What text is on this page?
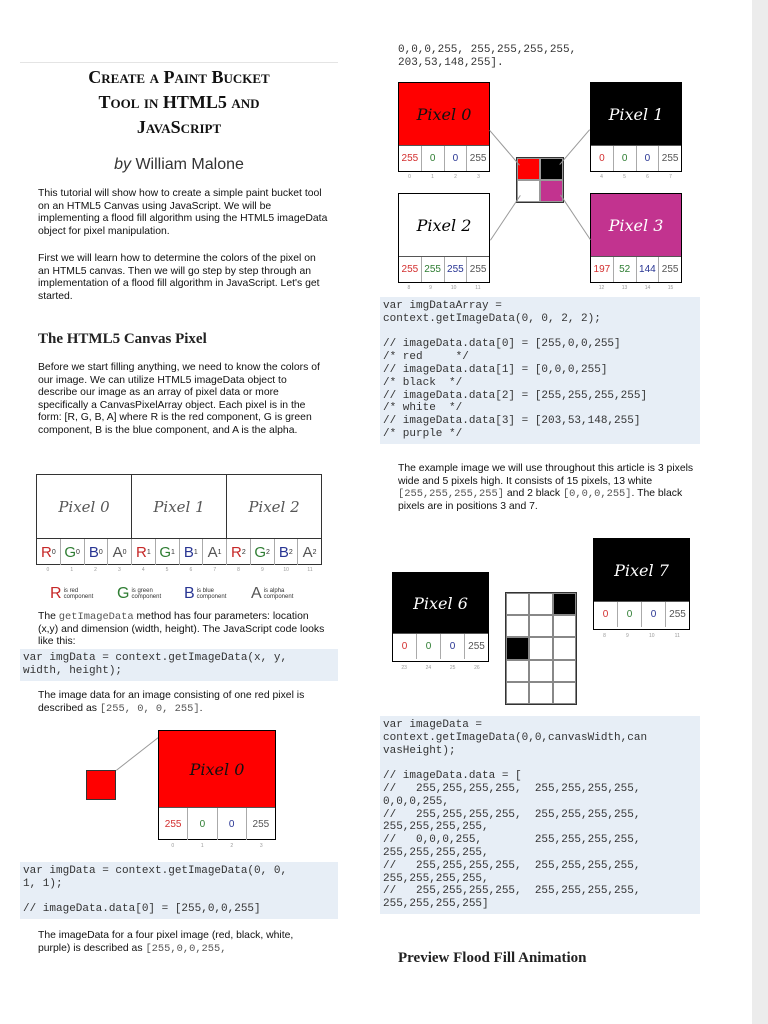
Create a Paint Bucket
Tool in HTML5 and
JavaScript
by William Malone
This tutorial will show how to create a simple paint bucket tool on an HTML5 Canvas using JavaScript. We will be implementing a flood fill algorithm using the HTML5 imageData object for pixel manipulation.
First we will learn how to determine the colors of the pixel on an HTML5 canvas. Then we will go step by step through an implementation of a flood fill algorithm in JavaScript. Let's get started.
The HTML5 Canvas Pixel
Before we start filling anything, we need to know the colors of our image. We can utilize HTML5 imageData object to describe our image as an array of pixel data or more specifically a CanvasPixelArray object. Each pixel is in the form: [R, G, B, A] where R is the red component, G is green component, B is the blue component, and A is the alpha.
Pixel 0	Pixel 1	Pixel 2
R 0 G 0 B 0 A 0 R 1 G 1 B 1 A 1 R 2 G 2 B 2 A 2
0	1	2	3	4	5	6	7	8	9	10	11
R is red component	G is green component	B is blue component	A is alpha component
The getImageData method has four parameters: location (x,y) and dimension (width, height). The JavaScript code looks like this:
var imgData = context.getImageData(x, y,
width, height);
The image data for an image consisting of one red pixel is described as [255, 0, 0, 255].
Pixel 0
255	0	0	255
0	1	2	3
var imgData = context.getImageData(0, 0,
1, 1);

// imageData.data[0] = [255,0,0,255]
The imageData for a four pixel image (red, black, white, purple) is described as [255,0,0,255,
0,0,0,255, 255,255,255,255,
203,53,148,255].
Pixel 0
255	0	0	255
0	1	2	3
Pixel 1
0	0	0	255
4	5	6	7
Pixel 2
255 255 255 255
8	9	10	11
Pixel 3
197 52 144 255
12	13	14	15
var imgDataArray =
context.getImageData(0, 0, 2, 2);

// imageData.data[0] = [255,0,0,255]
/* red     */
// imageData.data[1] = [0,0,0,255]
/* black  */
// imageData.data[2] = [255,255,255,255]
/* white  */
// imageData.data[3] = [203,53,148,255]
/* purple */
The example image we will use throughout this article is 3 pixels wide and 5 pixels high. It consists of 15 pixels, 13 white [255,255,255,255] and 2 black [0,0,0,255]. The black pixels are in positions 3 and 7.
Pixel 7
0	0	0	255
8	9	10	11
Pixel 6
0	0	0	255
23	24	25	26
var imageData =
context.getImageData(0,0,canvasWidth,can
vasHeight);

// imageData.data = [
//   255,255,255,255,  255,255,255,255,
0,0,0,255,
//   255,255,255,255,  255,255,255,255,
255,255,255,255,
//   0,0,0,255,        255,255,255,255,
255,255,255,255,
//   255,255,255,255,  255,255,255,255,
255,255,255,255,
//   255,255,255,255,  255,255,255,255,
255,255,255,255]
Preview Flood Fill Animation
